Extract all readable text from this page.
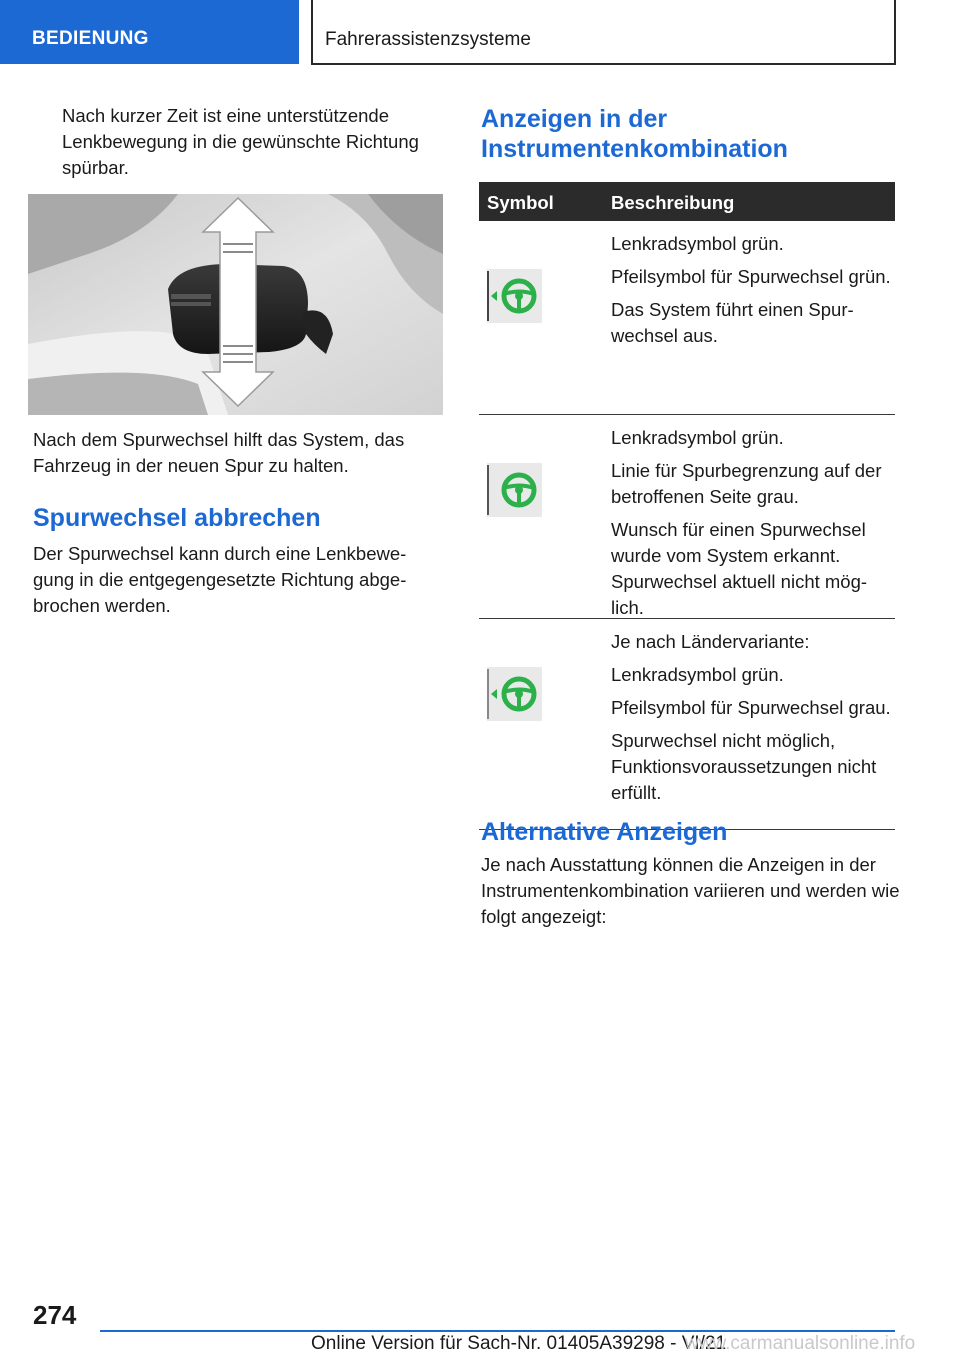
BEDIENUNG	Fahrerassistenzsysteme

Nach kurzer Zeit ist eine unterstützende Lenkbewegung in die gewünschte Richtung spürbar.

Nach dem Spurwechsel hilft das System, das Fahrzeug in der neuen Spur zu halten.

Spurwechsel abbrechen

Der Spurwechsel kann durch eine Lenkbewe‐gung in die entgegengesetzte Richtung abge‐brochen werden.

Anzeigen in der Instrumentenkombination
Symbol	Beschreibung

Lenkradsymbol grün.

Pfeilsymbol für Spurwechsel grün.

Das System führt einen Spur‐wechsel aus.

Lenkradsymbol grün.

Linie für Spurbegrenzung auf der betroffenen Seite grau.

Wunsch für einen Spurwechsel wurde vom System erkannt. Spurwechsel aktuell nicht mög‐lich.

Je nach Ländervariante:

Lenkradsymbol grün.

Pfeilsymbol für Spurwechsel grau.

Spurwechsel nicht möglich, Funktionsvoraussetzungen nicht erfüllt.

Alternative Anzeigen

Je nach Ausstattung können die Anzeigen in der Instrumentenkombination variieren und werden wie folgt angezeigt:

274
Online Version für Sach-Nr. 01405A39298 - VI/21
www.carmanualsonline.info
